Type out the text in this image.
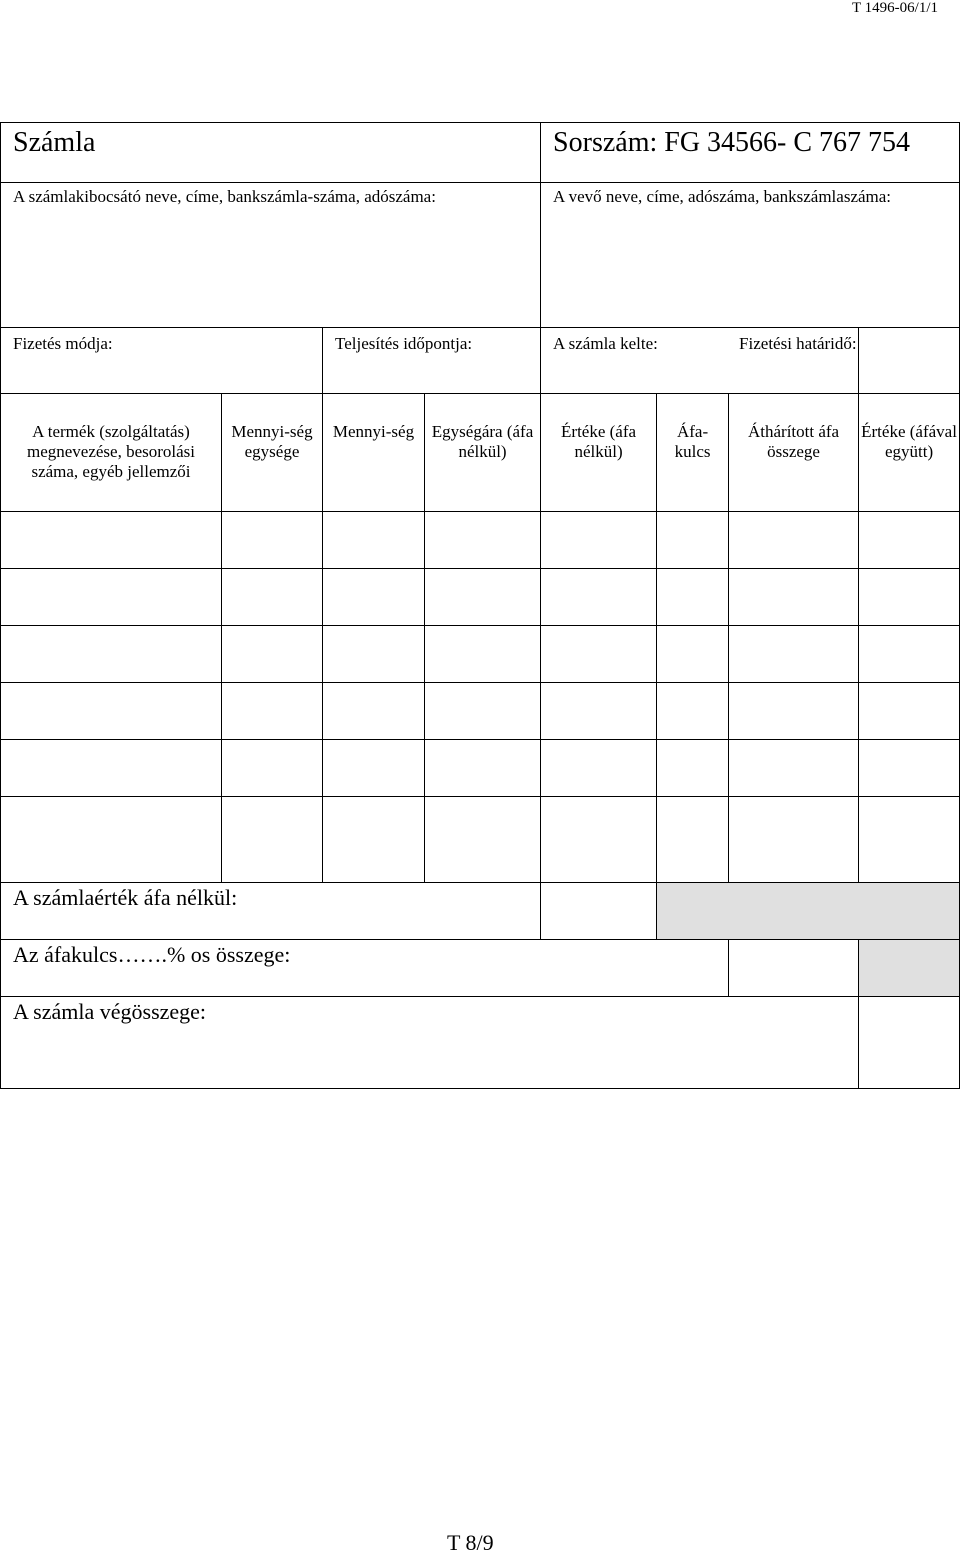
T 1496-06/1/1
Számla				Sorszám: FG 34566- C 767 754			
A számlakibocsátó neve, címe, bankszámla-száma, adószáma:				A vevő neve, címe, adószáma, bankszámlaszáma:			
Fizetés módja:		Teljesítés időpontja:		A számla kelte:			Fizetési határidő:

A termék (szolgáltatás) megnevezése, besorolási száma, egyéb jellemzői	Mennyi-ség egysége	Mennyi-ség	Egységára (áfa nélkül)	Értéke (áfa nélkül)	Áfa-kulcs	Áthárított áfa összege	Értéke (áfával együtt)

A számlaérték áfa nélkül:							
Az áfakulcs…….% os összege:							
A számla végösszege:							
T 8/9
